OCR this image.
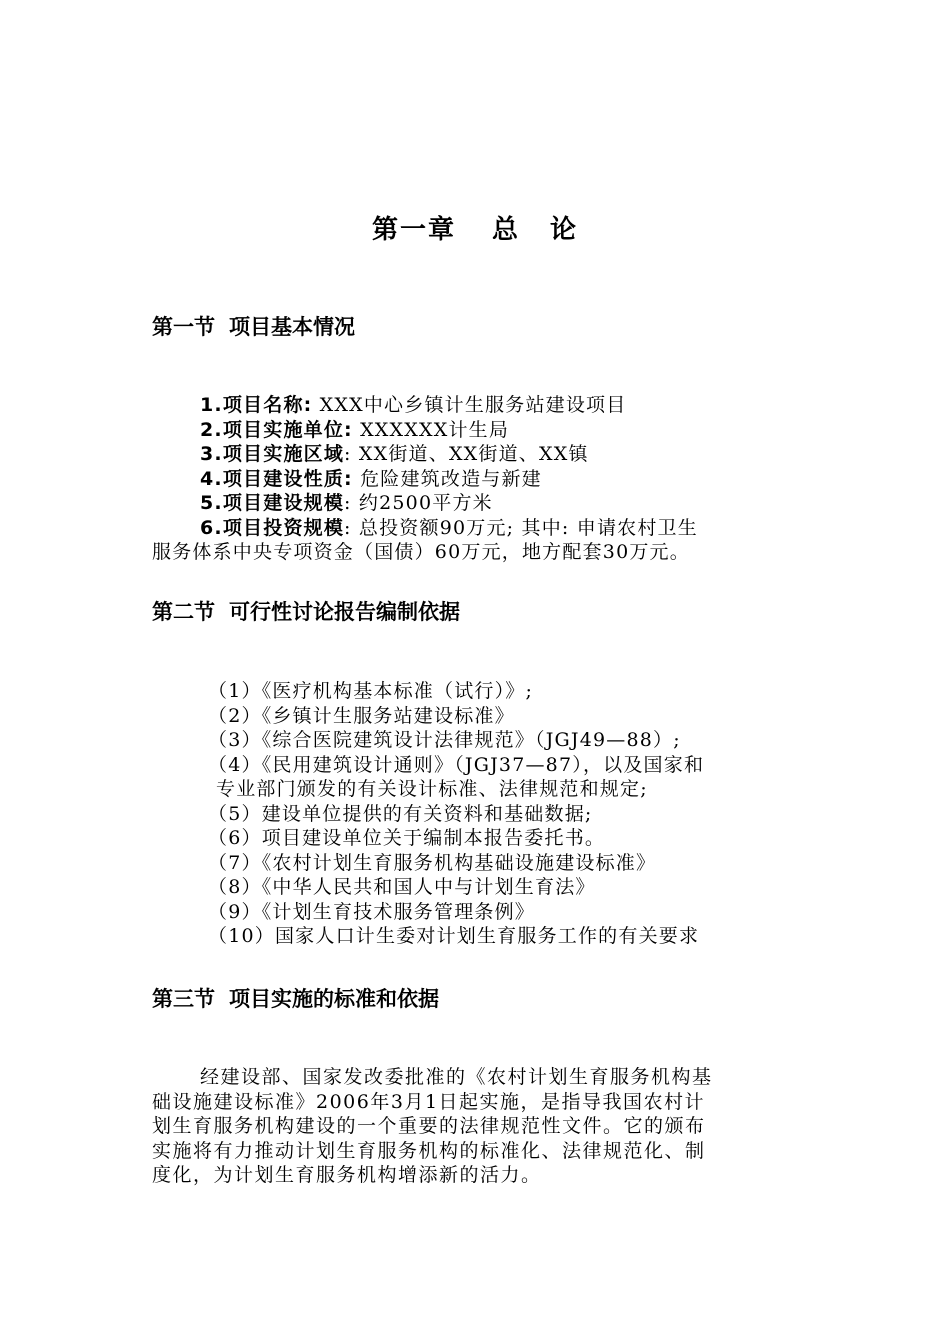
第一章 总 论
第一节 项目基本情况
1.项目名称: XXX中心乡镇计生服务站建设项目
2.项目实施单位: XXXXXX计生局
3.项目实施区域: XX街道、XX街道、XX镇
4.项目建设性质: 危险建筑改造与新建
5.项目建设规模: 约2500平方米
6.项目投资规模: 总投资额90万元; 其中: 申请农村卫生
服务体系中央专项资金（国债）60万元，地方配套30万元。
第二节 可行性讨论报告编制依据
（1）《医疗机构基本标准（试行）》;
（2）《乡镇计生服务站建设标准》
（3）《综合医院建筑设计法律规范》（JGJ49—88）;
（4）《民用建筑设计通则》（JGJ37—87），以及国家和
专业部门颁发的有关设计标准、法律规范和规定;
（5）建设单位提供的有关资料和基础数据;
（6）项目建设单位关于编制本报告委托书。
（7）《农村计划生育服务机构基础设施建设标准》
（8）《中华人民共和国人中与计划生育法》
（9）《计划生育技术服务管理条例》
（10）国家人口计生委对计划生育服务工作的有关要求
第三节 项目实施的标准和依据
经建设部、国家发改委批准的《农村计划生育服务机构基
础设施建设标准》2006年3月1日起实施，是指导我国农村计
划生育服务机构建设的一个重要的法律规范性文件。它的颁布
实施将有力推动计划生育服务机构的标准化、法律规范化、制
度化，为计划生育服务机构增添新的活力。
